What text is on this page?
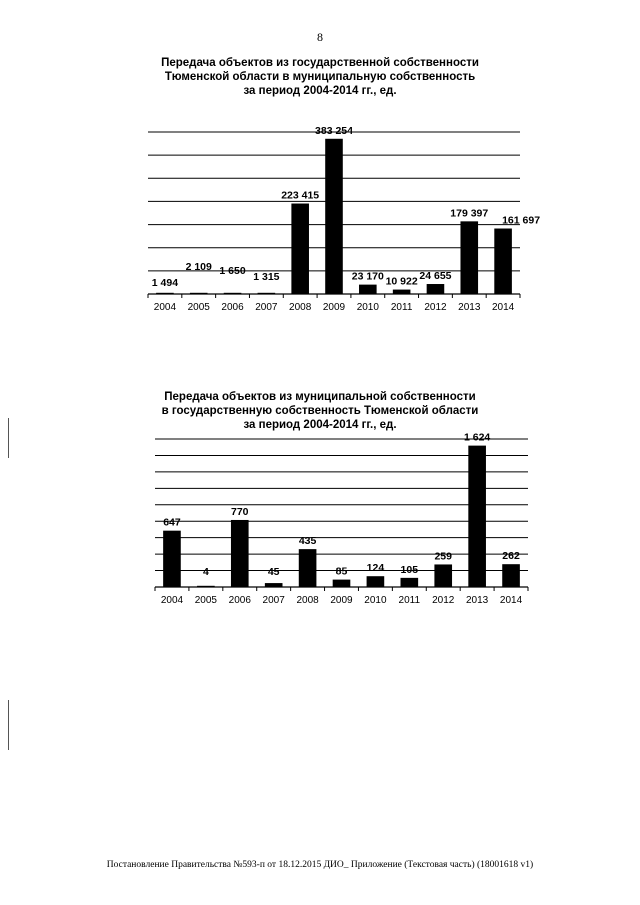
8
Передача объектов из государственной собственности
Тюменской области в муниципальную собственность
за период 2004-2014 гг., ед.
2004
1 494
2005
2 109
2006
1 650
2007
1 315
2008
223 415
2009
383 254
2010
23 170
2011
10 922
2012
24 655
2013
179 397
2014
161 697
Передача объектов из муниципальной собственности
в государственную собственность Тюменской области
за период 2004-2014 гг., ед.
2004
647
2005
4
2006
770
2007
45
2008
435
2009
85
2010
124
2011
105
2012
259
2013
1 624
2014
262
Постановление Правительства №593-п от 18.12.2015 ДИО_ Приложение (Текстовая часть) (18001618 v1)
